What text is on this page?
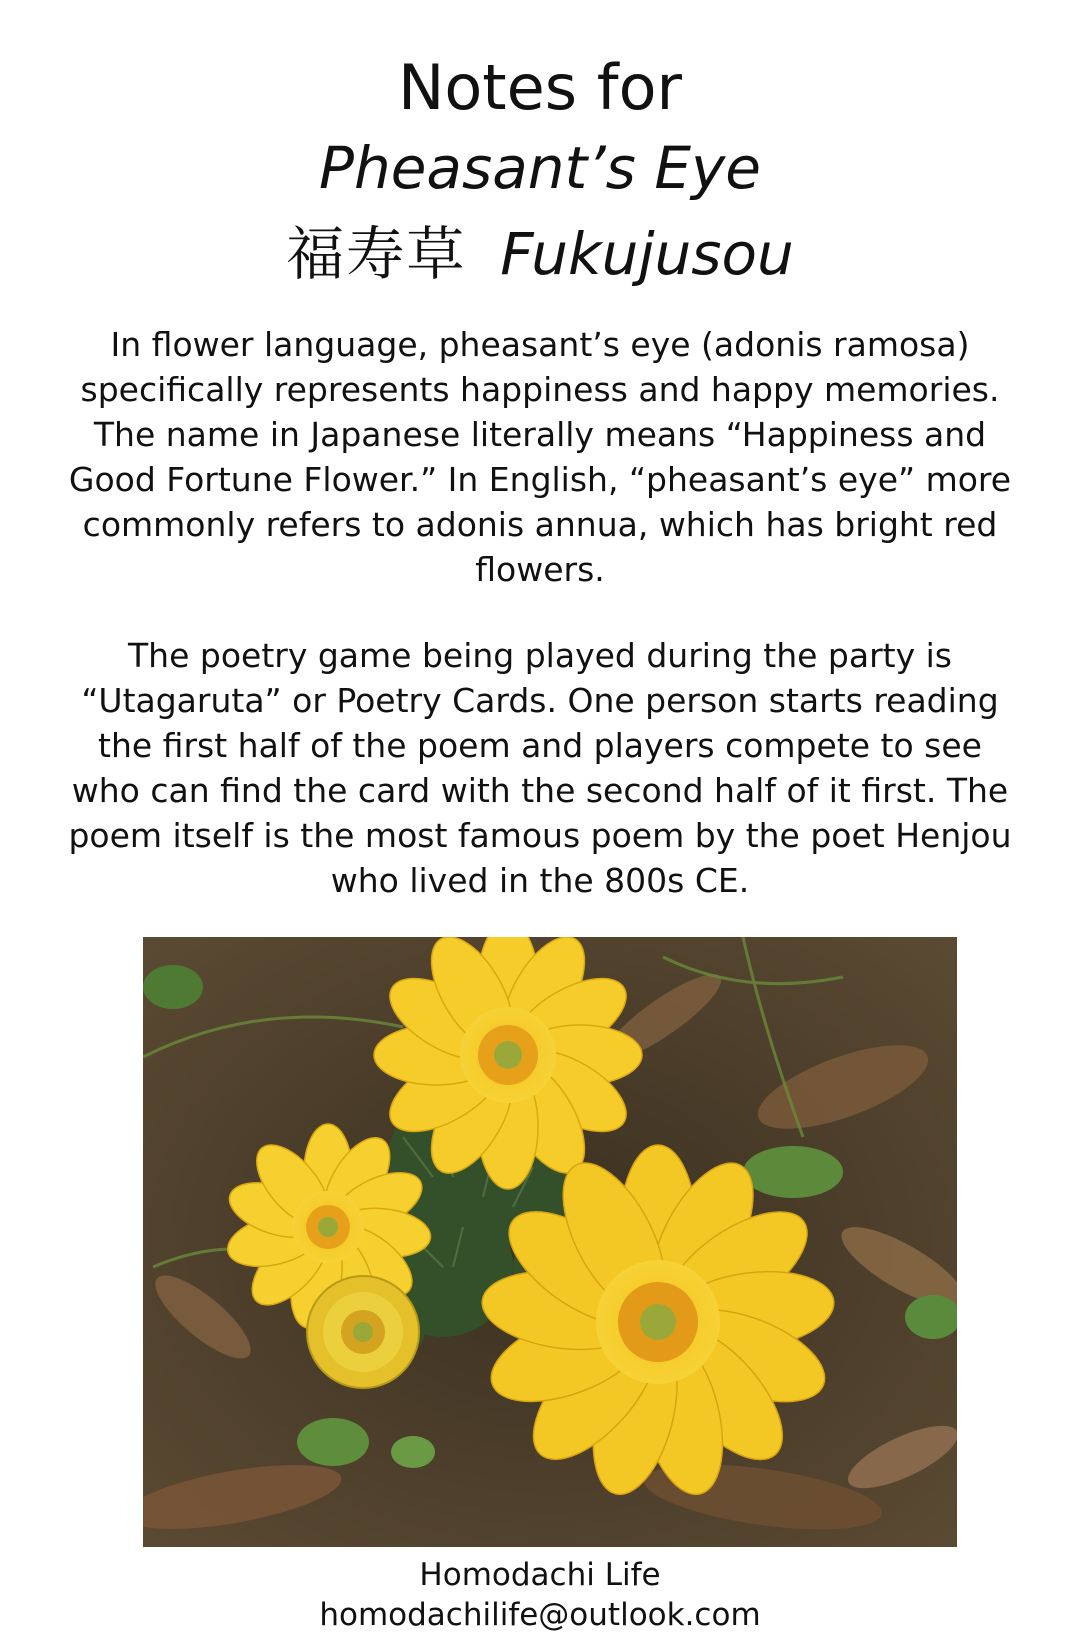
Notes for
Pheasant’s Eye
福寿草 Fukujusou
In flower language, pheasant’s eye (adonis ramosa) specifically represents happiness and happy memories. The name in Japanese literally means “Happiness and Good Fortune Flower.” In English, “pheasant’s eye” more commonly refers to adonis annua, which has bright red flowers.
The poetry game being played during the party is “Utagaruta” or Poetry Cards. One person starts reading the first half of the poem and players compete to see who can find the card with the second half of it first. The poem itself is the most famous poem by the poet Henjou who lived in the 800s CE.
Homodachi Life
homodachilife@outlook.com
